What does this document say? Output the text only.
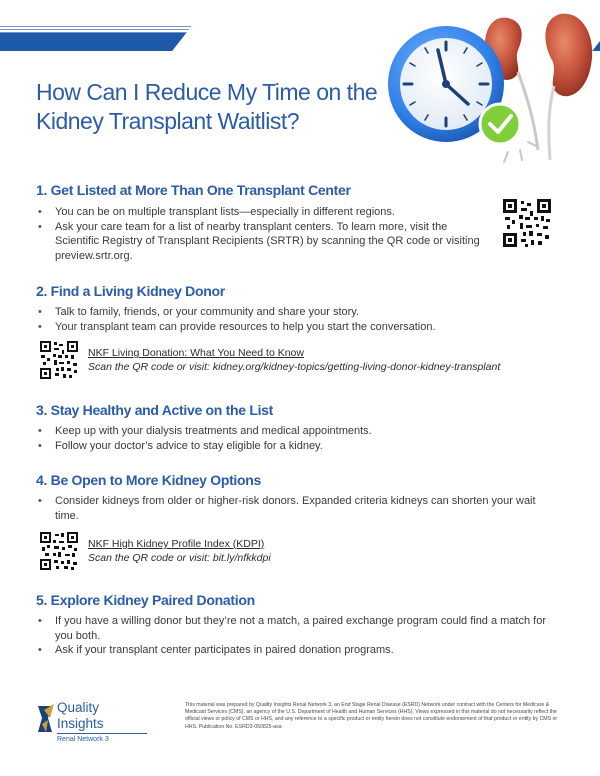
How Can I Reduce My Time on the Kidney Transplant Waitlist?
1. Get Listed at More Than One Transplant Center
• You can be on multiple transplant lists—especially in different regions.
• Ask your care team for a list of nearby transplant centers. To learn more, visit the Scientific Registry of Transplant Recipients (SRTR) by scanning the QR code or visiting preview.srtr.org.
2. Find a Living Kidney Donor
• Talk to family, friends, or your community and share your story.
• Your transplant team can provide resources to help you start the conversation.
NKF Living Donation: What You Need to Know
Scan the QR code or visit: kidney.org/kidney-topics/getting-living-donor-kidney-transplant
3. Stay Healthy and Active on the List
• Keep up with your dialysis treatments and medical appointments.
• Follow your doctor’s advice to stay eligible for a kidney.
4. Be Open to More Kidney Options
• Consider kidneys from older or higher-risk donors. Expanded criteria kidneys can shorten your wait time.
NKF High Kidney Profile Index (KDPI)
Scan the QR code or visit: bit.ly/nfkkdpi
5. Explore Kidney Paired Donation
• If you have a willing donor but they’re not a match, a paired exchange program could find a match for you both.
• Ask if your transplant center participates in paired donation programs.
Quality
Insights
Renal Network 3

This material was prepared by Quality Insights Renal Network 3, an End Stage Renal Disease (ESRD) Network under contract with the Centers for Medicare & Medicaid Services (CMS), an agency of the U.S. Department of Health and Human Services (HHS). Views expressed in this material do not necessarily reflect the official views or policy of CMS or HHS, and any reference to a specific product or entity herein does not constitute endorsement of that product or entity by CMS or HHS. Publication No. ESRD3-050825-asa
